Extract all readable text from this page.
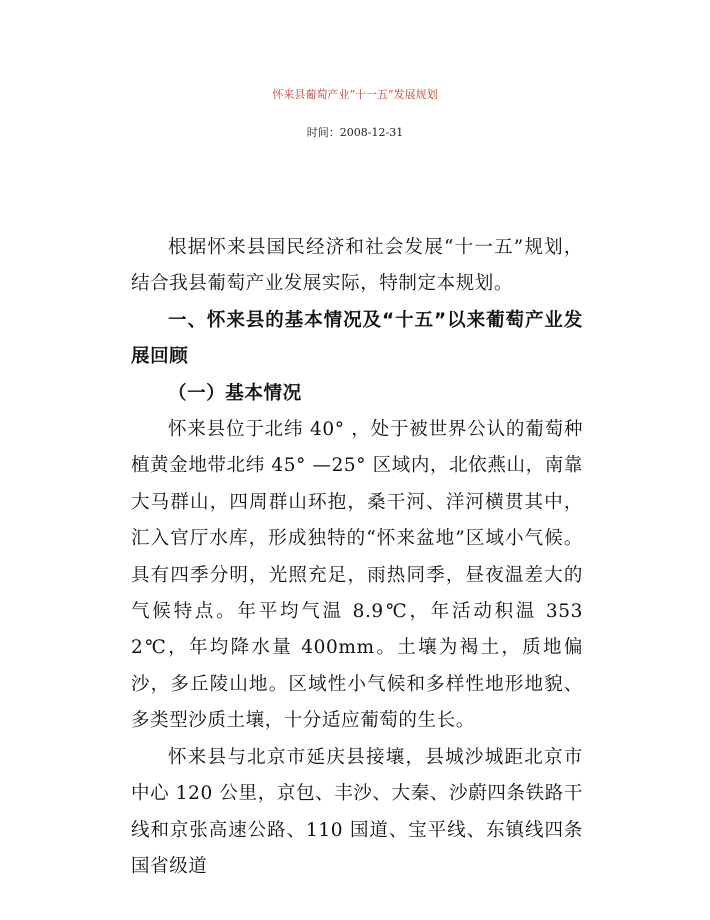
怀来县葡萄产业“十一五”发展规划
时间：2008-12-31

根据怀来县国民经济和社会发展“十一五”规划，结合我县葡萄产业发展实际，特制定本规划。

一、怀来县的基本情况及“十五”以来葡萄产业发展回顾

（一）基本情况

怀来县位于北纬 40° ，处于被世界公认的葡萄种植黄金地带北纬 45° —25° 区域内，北依燕山，南靠大马群山，四周群山环抱，桑干河、洋河横贯其中，汇入官厅水库，形成独特的“怀来盆地”区域小气候。具有四季分明，光照充足，雨热同季，昼夜温差大的气候特点。年平均气温 8.9℃，年活动积温 3532℃，年均降水量 400mm。土壤为褐土，质地偏沙，多丘陵山地。区域性小气候和多样性地形地貌、多类型沙质土壤，十分适应葡萄的生长。

怀来县与北京市延庆县接壤，县城沙城距北京市中心 120 公里，京包、丰沙、大秦、沙蔚四条铁路干线和京张高速公路、110 国道、宝平线、东镇线四条国省级道
